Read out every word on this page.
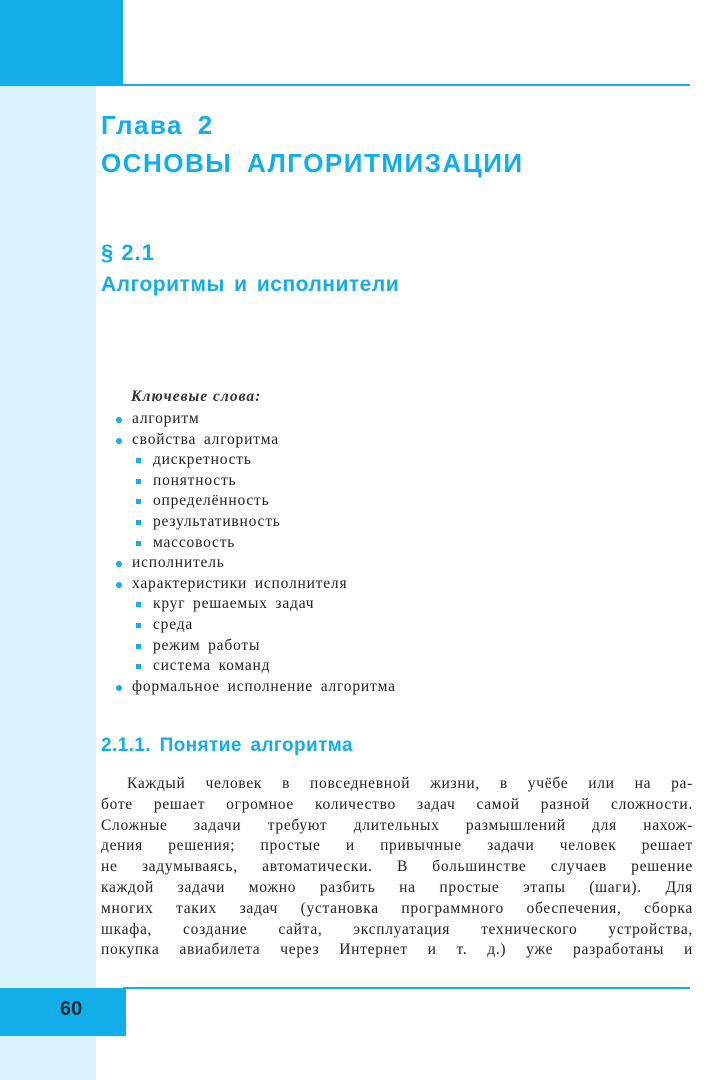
Глава 2
ОСНОВЫ АЛГОРИТМИЗАЦИИ
§ 2.1
Алгоритмы и исполнители
Ключевые слова:
алгоритм
свойства алгоритма
дискретность
понятность
определённость
результативность
массовость
исполнитель
характеристики исполнителя
круг решаемых задач
среда
режим работы
система команд
формальное исполнение алгоритма
2.1.1. Понятие алгоритма
Каждый человек в повседневной жизни, в учёбе или на ра-
боте решает огромное количество задач самой разной сложности.
Сложные задачи требуют длительных размышлений для нахож-
дения решения; простые и привычные задачи человек решает
не задумываясь, автоматически. В большинстве случаев решение
каждой задачи можно разбить на простые этапы (шаги). Для
многих таких задач (установка программного обеспечения, сборка
шкафа, создание сайта, эксплуатация технического устройства,
покупка авиабилета через Интернет и т. д.) уже разработаны и
60
